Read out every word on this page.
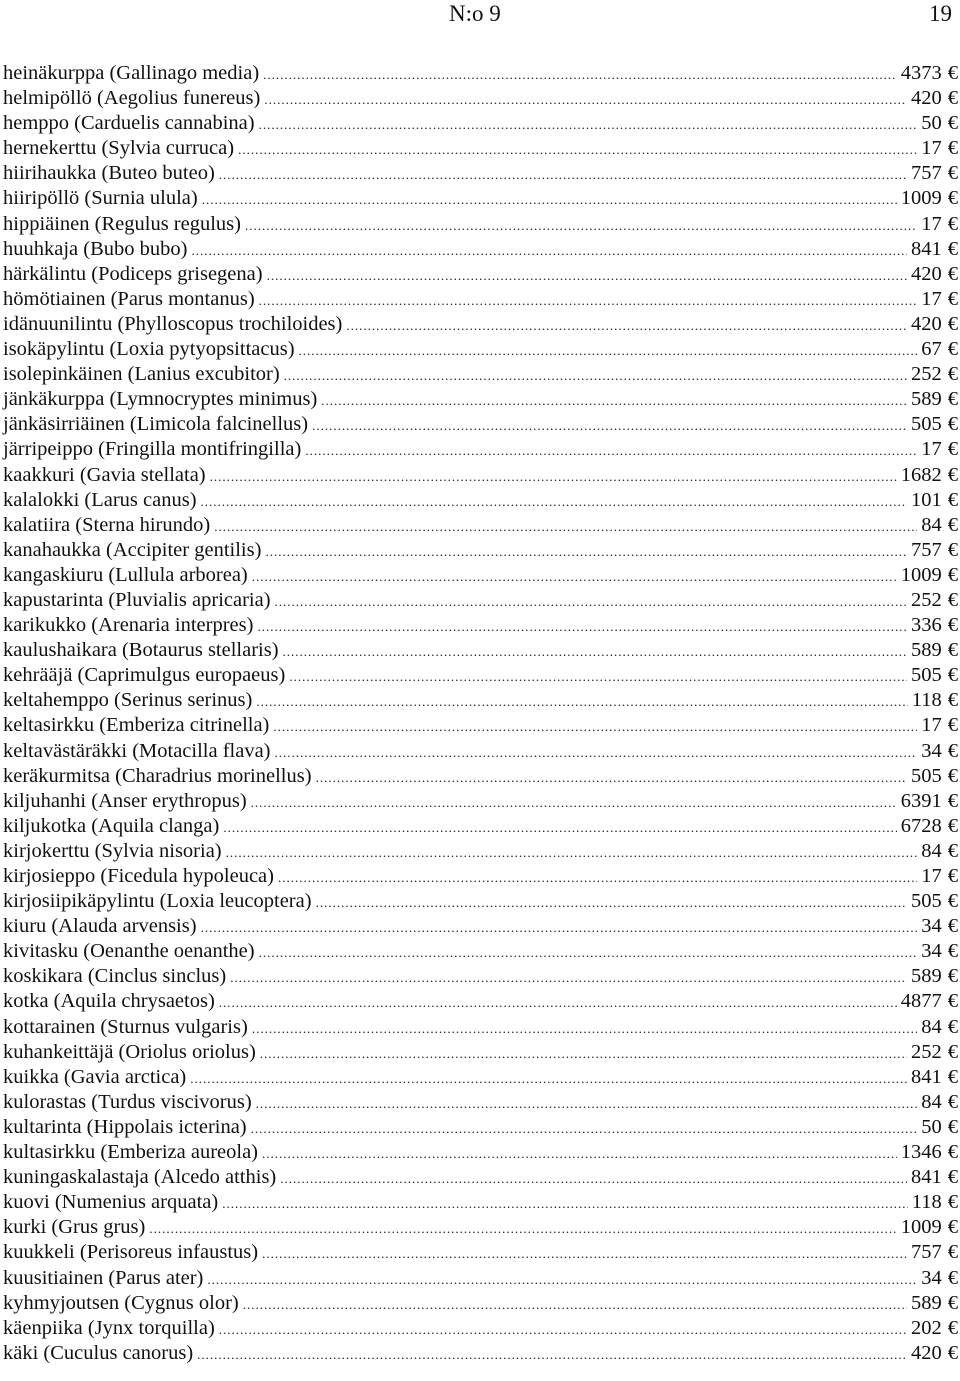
N:o 9	19
heinäkurppa (Gallinago media) .....	4373 €
helmipöllö (Aegolius funereus) .....	420 €
hemppo (Carduelis cannabina) .....	50 €
hernekerttu (Sylvia curruca) .....	17 €
hiirihaukka (Buteo buteo) .....	757 €
hiiripöllö (Surnia ulula) .....	1009 €
hippiäinen (Regulus regulus) .....	17 €
huuhkaja (Bubo bubo) .....	841 €
härkälintu (Podiceps grisegena) .....	420 €
hömötiainen (Parus montanus) .....	17 €
idänuunilintu (Phylloscopus trochiloides) .....	420 €
isokäpylintu (Loxia pytyopsittacus) .....	67 €
isolepinkäinen (Lanius excubitor) .....	252 €
jänkäkurppa (Lymnocryptes minimus) .....	589 €
jänkäsirriäinen (Limicola falcinellus) .....	505 €
järripeippo (Fringilla montifringilla) .....	17 €
kaakkuri (Gavia stellata) .....	1682 €
kalalokki (Larus canus) .....	101 €
kalatiira (Sterna hirundo) .....	84 €
kanahaukka (Accipiter gentilis) .....	757 €
kangaskiuru (Lullula arborea) .....	1009 €
kapustarinta (Pluvialis apricaria) .....	252 €
karikukko (Arenaria interpres) .....	336 €
kaulushaikara (Botaurus stellaris) .....	589 €
kehrääjä (Caprimulgus europaeus) .....	505 €
keltahemppo (Serinus serinus) .....	118 €
keltasirkku (Emberiza citrinella) .....	17 €
keltavästäräkki (Motacilla flava) .....	34 €
keräkurmitsa (Charadrius morinellus) .....	505 €
kiljuhanhi (Anser erythropus) .....	6391 €
kiljukotka (Aquila clanga) .....	6728 €
kirjokerttu (Sylvia nisoria) .....	84 €
kirjosieppo (Ficedula hypoleuca) .....	17 €
kirjosiipikäpylintu (Loxia leucoptera) .....	505 €
kiuru (Alauda arvensis) .....	34 €
kivitasku (Oenanthe oenanthe) .....	34 €
koskikara (Cinclus sinclus) .....	589 €
kotka (Aquila chrysaetos) .....	4877 €
kottarainen (Sturnus vulgaris) .....	84 €
kuhankeittäjä (Oriolus oriolus) .....	252 €
kuikka (Gavia arctica) .....	841 €
kulorastas (Turdus viscivorus) .....	84 €
kultarinta (Hippolais icterina) .....	50 €
kultasirkku (Emberiza aureola) .....	1346 €
kuningaskalastaja (Alcedo atthis) .....	841 €
kuovi (Numenius arquata) .....	118 €
kurki (Grus grus) .....	1009 €
kuukkeli (Perisoreus infaustus) .....	757 €
kuusitiainen (Parus ater) .....	34 €
kyhmyjoutsen (Cygnus olor) .....	589 €
käenpiika (Jynx torquilla) .....	202 €
käki (Cuculus canorus) .....	420 €
